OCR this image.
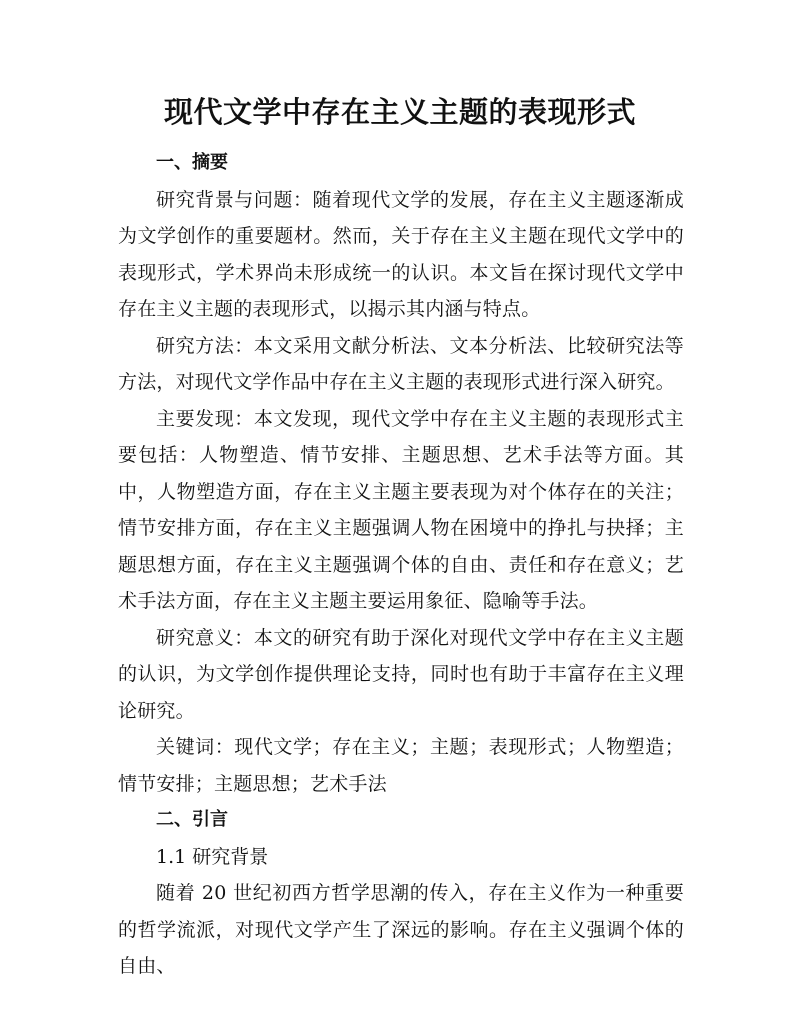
现代文学中存在主义主题的表现形式

一、摘要

研究背景与问题：随着现代文学的发展，存在主义主题逐渐成为文学创作的重要题材。然而，关于存在主义主题在现代文学中的表现形式，学术界尚未形成统一的认识。本文旨在探讨现代文学中存在主义主题的表现形式，以揭示其内涵与特点。

研究方法：本文采用文献分析法、文本分析法、比较研究法等方法，对现代文学作品中存在主义主题的表现形式进行深入研究。

主要发现：本文发现，现代文学中存在主义主题的表现形式主要包括：人物塑造、情节安排、主题思想、艺术手法等方面。其中，人物塑造方面，存在主义主题主要表现为对个体存在的关注；情节安排方面，存在主义主题强调人物在困境中的挣扎与抉择；主题思想方面，存在主义主题强调个体的自由、责任和存在意义；艺术手法方面，存在主义主题主要运用象征、隐喻等手法。

研究意义：本文的研究有助于深化对现代文学中存在主义主题的认识，为文学创作提供理论支持，同时也有助于丰富存在主义理论研究。

关键词：现代文学；存在主义；主题；表现形式；人物塑造；情节安排；主题思想；艺术手法

二、引言

1.1 研究背景

随着 20 世纪初西方哲学思潮的传入，存在主义作为一种重要的哲学流派，对现代文学产生了深远的影响。存在主义强调个体的自由、
